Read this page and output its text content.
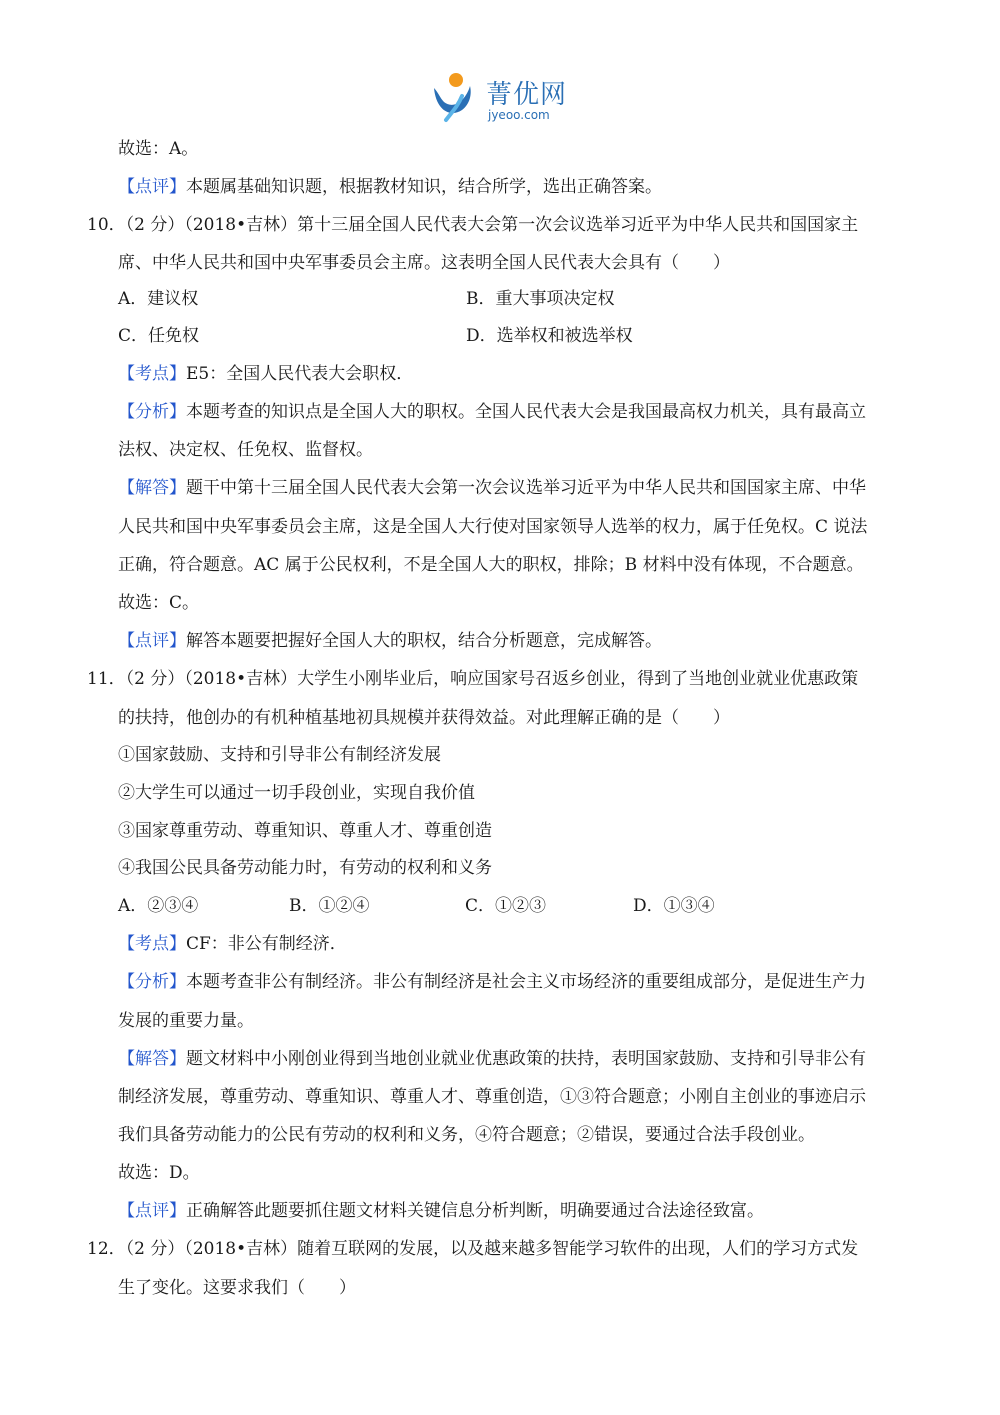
菁优网
jyeoo.com
故选：A。
【点评】本题属基础知识题，根据教材知识，结合所学，选出正确答案。
10．（2 分）（2018•吉林）第十三届全国人民代表大会第一次会议选举习近平为中华人民共和国国家主
席、中华人民共和国中央军事委员会主席。这表明全国人民代表大会具有（　　）
A．建议权	B．重大事项决定权
C．任免权	D．选举权和被选举权
【考点】E5：全国人民代表大会职权．
【分析】本题考查的知识点是全国人大的职权。全国人民代表大会是我国最高权力机关，具有最高立
法权、决定权、任免权、监督权。
【解答】题干中第十三届全国人民代表大会第一次会议选举习近平为中华人民共和国国家主席、中华
人民共和国中央军事委员会主席，这是全国人大行使对国家领导人选举的权力，属于任免权。C 说法
正确，符合题意。AC 属于公民权利，不是全国人大的职权，排除；B 材料中没有体现，不合题意。
故选：C。
【点评】解答本题要把握好全国人大的职权，结合分析题意，完成解答。
11．（2 分）（2018•吉林）大学生小刚毕业后，响应国家号召返乡创业，得到了当地创业就业优惠政策
的扶持，他创办的有机种植基地初具规模并获得效益。对此理解正确的是（　　）
①国家鼓励、支持和引导非公有制经济发展
②大学生可以通过一切手段创业，实现自我价值
③国家尊重劳动、尊重知识、尊重人才、尊重创造
④我国公民具备劳动能力时，有劳动的权利和义务
A．②③④	B．①②④	C．①②③	D．①③④
【考点】CF：非公有制经济．
【分析】本题考查非公有制经济。非公有制经济是社会主义市场经济的重要组成部分，是促进生产力
发展的重要力量。
【解答】题文材料中小刚创业得到当地创业就业优惠政策的扶持，表明国家鼓励、支持和引导非公有
制经济发展，尊重劳动、尊重知识、尊重人才、尊重创造，①③符合题意；小刚自主创业的事迹启示
我们具备劳动能力的公民有劳动的权利和义务，④符合题意；②错误，要通过合法手段创业。
故选：D。
【点评】正确解答此题要抓住题文材料关键信息分析判断，明确要通过合法途径致富。
12．（2 分）（2018•吉林）随着互联网的发展，以及越来越多智能学习软件的出现，人们的学习方式发
生了变化。这要求我们（　　）
